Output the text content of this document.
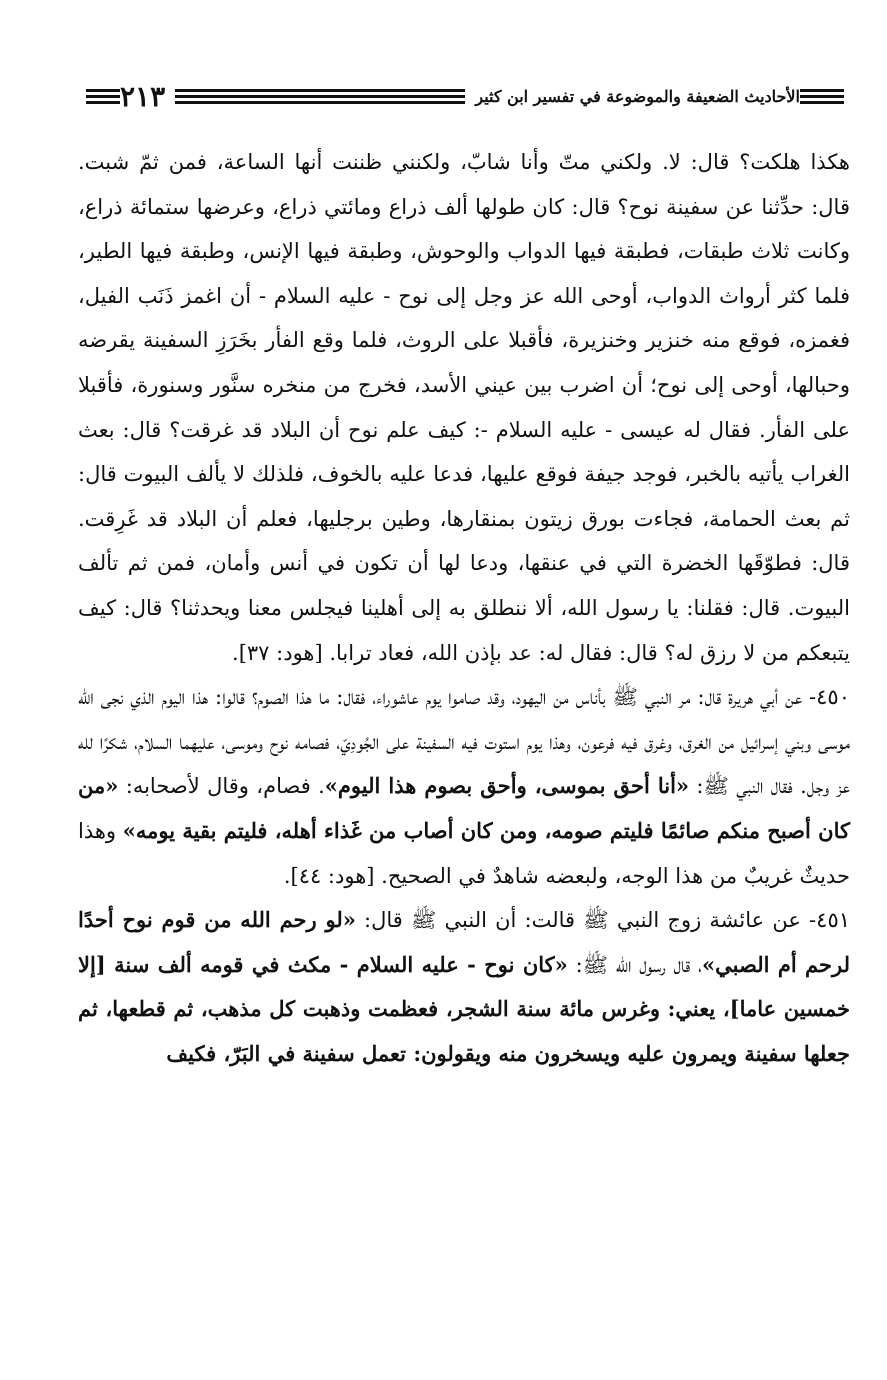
الأحاديث الضعيفة والموضوعة في تفسير ابن كثير
٢١٣

هكذا هلكت؟ قال: لا. ولكني متّ وأنا شابّ، ولكنني ظننت أنها الساعة، فمن ثمّ شبت. قال: حدِّثنا عن سفينة نوح؟ قال: كان طولها ألف ذراع ومائتي ذراع، وعرضها ستمائة ذراع، وكانت ثلاث طبقات، فطبقة فيها الدواب والوحوش، وطبقة فيها الإنس، وطبقة فيها الطير، فلما كثر أرواث الدواب، أوحى الله عز وجل إلى نوح - عليه السلام - أن اغمز ذَنَب الفيل، فغمزه، فوقع منه خنزير وخنزيرة، فأقبلا على الروث، فلما وقع الفأر بخَرَزِ السفينة يقرضه وحبالها، أوحى إلى نوح؛ أن اضرب بين عيني الأسد، فخرج من منخره سنَّور وسنورة، فأقبلا على الفأر. فقال له عيسى - عليه السلام -: كيف علم نوح أن البلاد قد غرقت؟ قال: بعث الغراب يأتيه بالخبر، فوجد جيفة فوقع عليها، فدعا عليه بالخوف، فلذلك لا يألف البيوت قال: ثم بعث الحمامة، فجاءت بورق زيتون بمنقارها، وطين برجليها، فعلم أن البلاد قد غَرِقت. قال: فطوّقَها الخضرة التي في عنقها، ودعا لها أن تكون في أنس وأمان، فمن ثم تألف البيوت. قال: فقلنا: يا رسول الله، ألا ننطلق به إلى أهلينا فيجلس معنا ويحدثنا؟ قال: كيف يتبعكم من لا رزق له؟ قال: فقال له: عد بإذن الله، فعاد ترابا. [هود: ٣٧].

٤٥٠- عن أبي هريرة قال: مر النبي ﷺ بأناس من اليهود، وقد صاموا يوم عاشوراء، فقال: ما هذا الصوم؟ قالوا: هذا اليوم الذي نجى الله موسى وبني إسرائيل من الغرق، وغرق فيه فرعون، وهذا يوم استوت فيه السفينة على الجُودِيّ، فصامه نوح وموسى، عليهما السلام، شكرًا لله عز وجل. فقال النبي ﷺ: «أنا أحق بموسى، وأحق بصوم هذا اليوم». فصام، وقال لأصحابه: «من كان أصبح منكم صائمًا فليتم صومه، ومن كان أصاب من غَذاء أهله، فليتم بقية يومه» وهذا حديثٌ غريبٌ من هذا الوجه، ولبعضه شاهدٌ في الصحيح. [هود: ٤٤].

٤٥١- عن عائشة زوج النبي ﷺ قالت: أن النبي ﷺ قال: «لو رحم الله من قوم نوح أحدًا لرحم أم الصبي»، قال رسول الله ﷺ: «كان نوح - عليه السلام - مكث في قومه ألف سنة [إلا خمسين عاما]، يعني: وغرس مائة سنة الشجر، فعظمت وذهبت كل مذهب، ثم قطعها، ثم جعلها سفينة ويمرون عليه ويسخرون منه ويقولون: تعمل سفينة في البَرّ، فكيف
